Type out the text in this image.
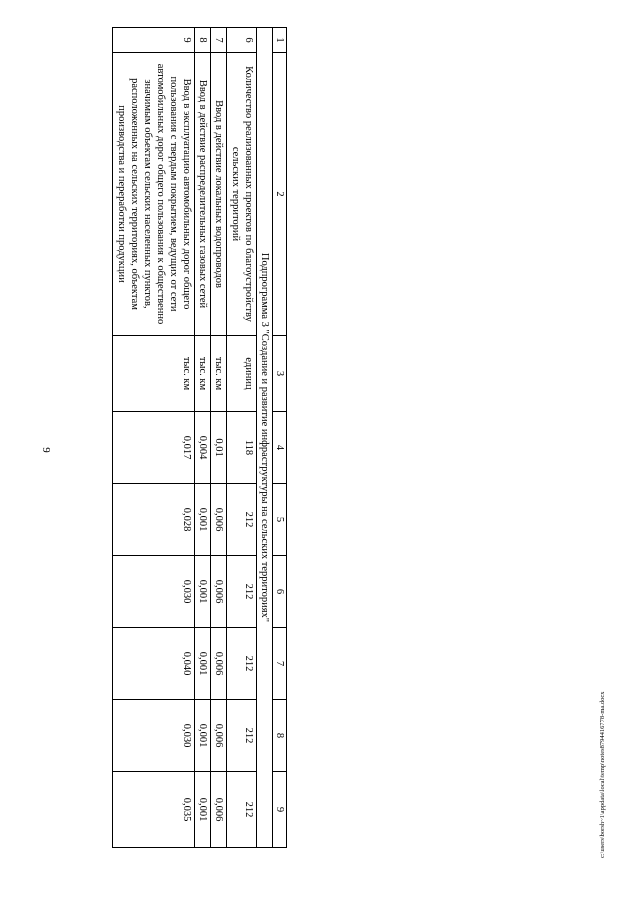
9
c:\users\borsh~1\appdata\local\temp\notes8794416778-ma.docx
1	2	3	4	5	6	7	8	9
Подпрограмма 3 "Создание и развитие инфраструктуры на сельских территориях"								
6	Количество реализованных проектов по благоустройству сельских территорий	единиц	118	212	212	212	212	212
7	Ввод в действие локальных водопроводов	тыс. км	0,01	0,006	0,006	0,006	0,006	0,006
8	Ввод в действие распределительных газовых сетей	тыс. км	0,004	0,001	0,001	0,001	0,001	0,001
9	Ввод в эксплуатацию автомобильных дорог общего пользования с твердым покрытием, ведущих от сети автомобильных дорог общего пользования к общественно значимым объектам сельских населенных пунктов, расположенных на сельских территориях, объектам производства и переработки продукции	тыс. км	0,017	0,028	0,030	0,040	0,030	0,035
